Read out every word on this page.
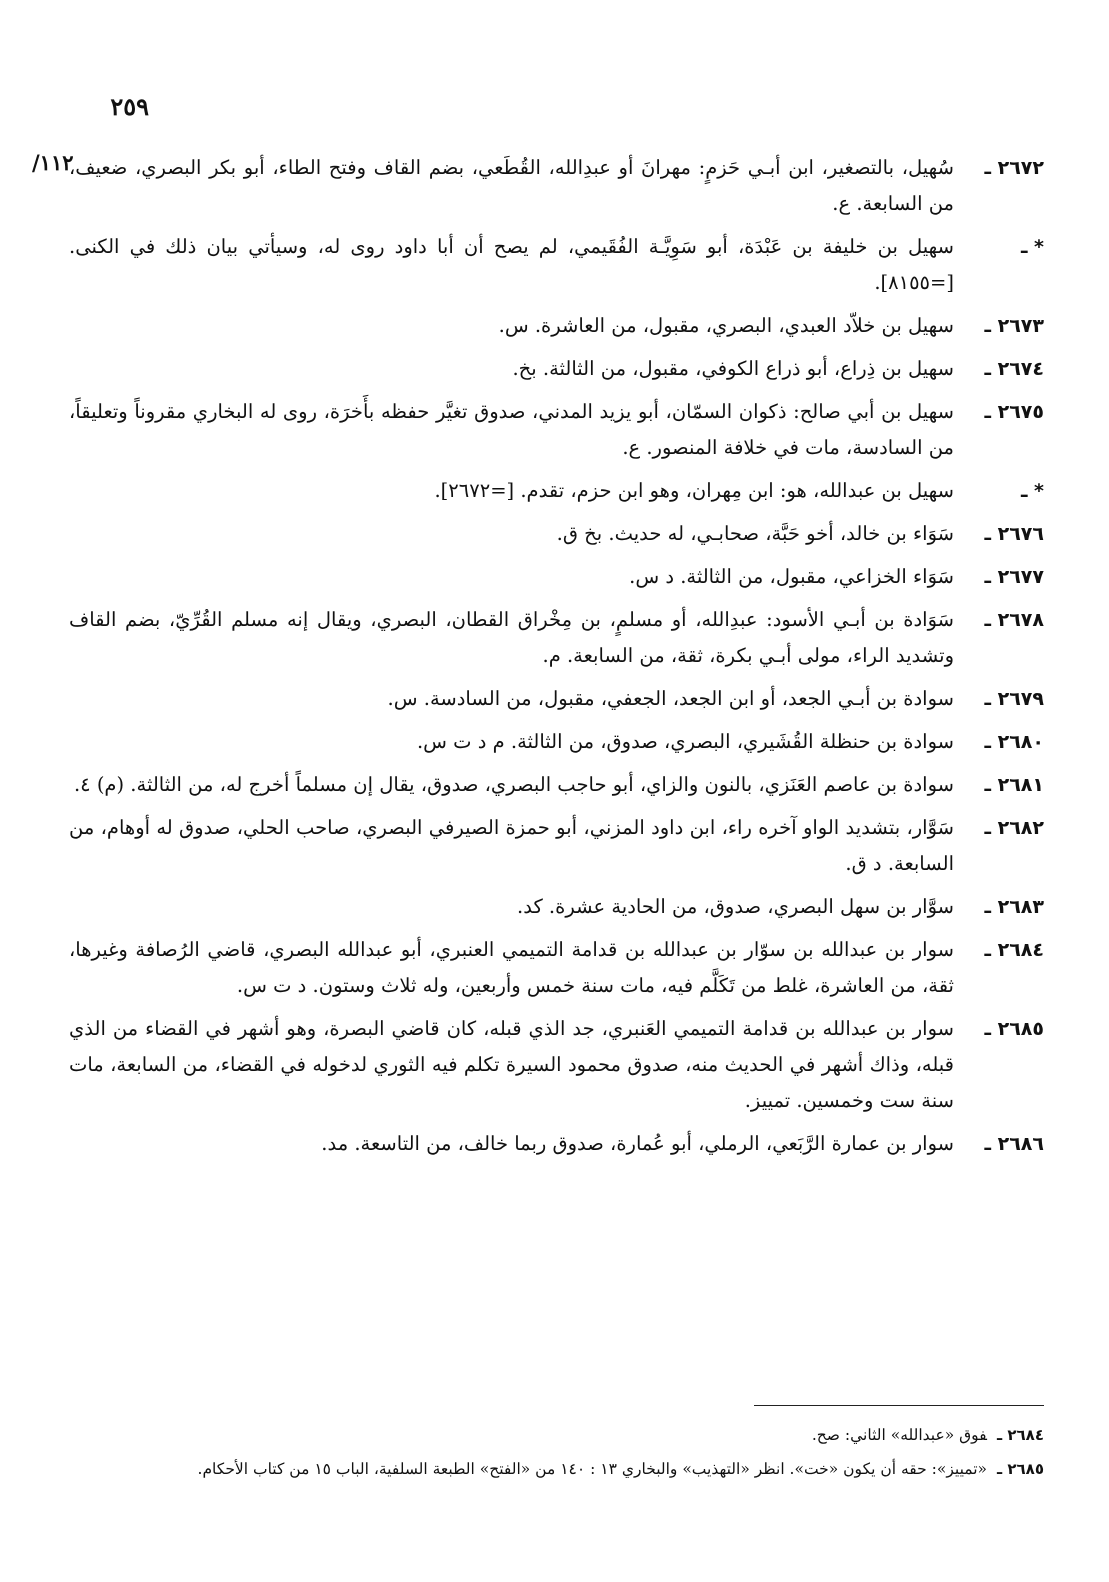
٢٥٩
١١٢/	٢٦٧٢ ـ
سُهيل، بالتصغير، ابن أبـي حَزمٍ: مهرانَ أو عبدِالله، القُطَعي، بضم القاف وفتح الطاء، أبو بكر البصري، ضعيف، من السابعة. ع.
* ـ
سهيل بن خليفة بن عَبْدَة، أبو سَوِيَّـة الفُقَيمي، لم يصح أن أبا داود روى له، وسيأتي بيان ذلك في الكنى. [=٨١٥٥].
٢٦٧٣ ـ
سهيل بن خلاّد العبدي، البصري، مقبول، من العاشرة. س.
٢٦٧٤ ـ
سهيل بن ذِراع، أبو ذراع الكوفي، مقبول، من الثالثة. بخ.
٢٦٧٥ ـ
سهيل بن أبي صالح: ذكوان السمّان، أبو يزيد المدني، صدوق تغيَّر حفظه بأَخرَة، روى له البخاري مقروناً وتعليقاً، من السادسة، مات في خلافة المنصور. ع.
* ـ
سهيل بن عبدالله، هو: ابن مِهران، وهو ابن حزم، تقدم. [=٢٦٧٢].
٢٦٧٦ ـ
سَوَاء بن خالد، أخو حَبَّة، صحابـي، له حديث. بخ ق.
٢٦٧٧ ـ
سَوَاء الخزاعي، مقبول، من الثالثة. د س.
٢٦٧٨ ـ
سَوَادة بن أبـي الأسود: عبدِالله، أو مسلمٍ، بن مِخْراق القطان، البصري، ويقال إنه مسلم القُرِّيّ، بضم القاف وتشديد الراء، مولى أبـي بكرة، ثقة، من السابعة. م.
٢٦٧٩ ـ
سوادة بن أبـي الجعد، أو ابن الجعد، الجعفي، مقبول، من السادسة. س.
٢٦٨٠ ـ
سوادة بن حنظلة القُشَيري، البصري، صدوق، من الثالثة. م د ت س.
٢٦٨١ ـ
سوادة بن عاصم العَنَزي، بالنون والزاي، أبو حاجب البصري، صدوق، يقال إن مسلماً أخرج له، من الثالثة. (م) ٤.
٢٦٨٢ ـ
سَوَّار، بتشديد الواو آخره راء، ابن داود المزني، أبو حمزة الصيرفي البصري، صاحب الحلي، صدوق له أوهام، من السابعة. د ق.
٢٦٨٣ ـ
سوَّار بن سهل البصري، صدوق، من الحادية عشرة. كد.
٢٦٨٤ ـ
سوار بن عبدالله بن سوّار بن عبدالله بن قدامة التميمي العنبري، أبو عبدالله البصري، قاضي الرُصافة وغيرها، ثقة، من العاشرة، غلط من تَكَلَّم فيه، مات سنة خمس وأربعين، وله ثلاث وستون. د ت س.
٢٦٨٥ ـ
سوار بن عبدالله بن قدامة التميمي العَنبري، جد الذي قبله، كان قاضي البصرة، وهو أشهر في القضاء من الذي قبله، وذاك أشهر في الحديث منه، صدوق محمود السيرة تكلم فيه الثوري لدخوله في القضاء، من السابعة، مات سنة ست وخمسين. تمييز.
٢٦٨٦ ـ
سوار بن عمارة الرَّبَعي، الرملي، أبو عُمارة، صدوق ربما خالف، من التاسعة. مد.
٢٦٨٤ ـفوق «عبدالله» الثاني: صح.
٢٦٨٥ ـ«تمييز»: حقه أن يكون «خت». انظر «التهذيب» والبخاري ١٣ : ١٤٠ من «الفتح» الطبعة السلفية، الباب ١٥ من كتاب الأحكام.
